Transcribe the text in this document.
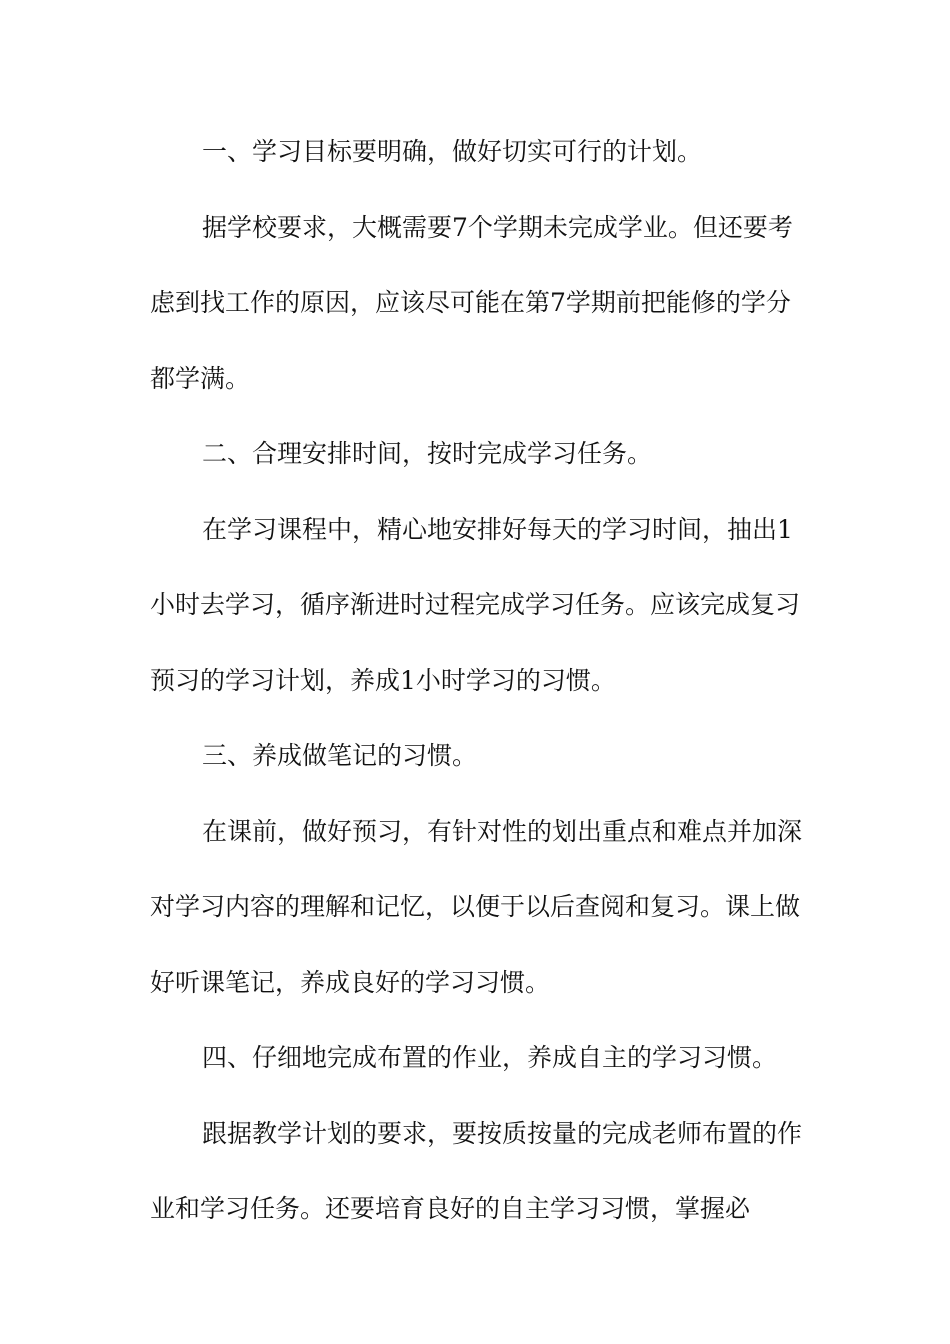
一、学习目标要明确，做好切实可行的计划。

据学校要求，大概需要7个学期未完成学业。但还要考虑到找工作的原因，应该尽可能在第7学期前把能修的学分都学满。

二、合理安排时间，按时完成学习任务。

在学习课程中，精心地安排好每天的学习时间，抽出1小时去学习，循序渐进时过程完成学习任务。应该完成复习预习的学习计划，养成1小时学习的习惯。

三、养成做笔记的习惯。

在课前，做好预习，有针对性的划出重点和难点并加深对学习内容的理解和记忆，以便于以后查阅和复习。课上做好听课笔记，养成良好的学习习惯。

四、仔细地完成布置的作业，养成自主的学习习惯。

跟据教学计划的要求，要按质按量的完成老师布置的作业和学习任务。还要培育良好的自主学习习惯，掌握必
